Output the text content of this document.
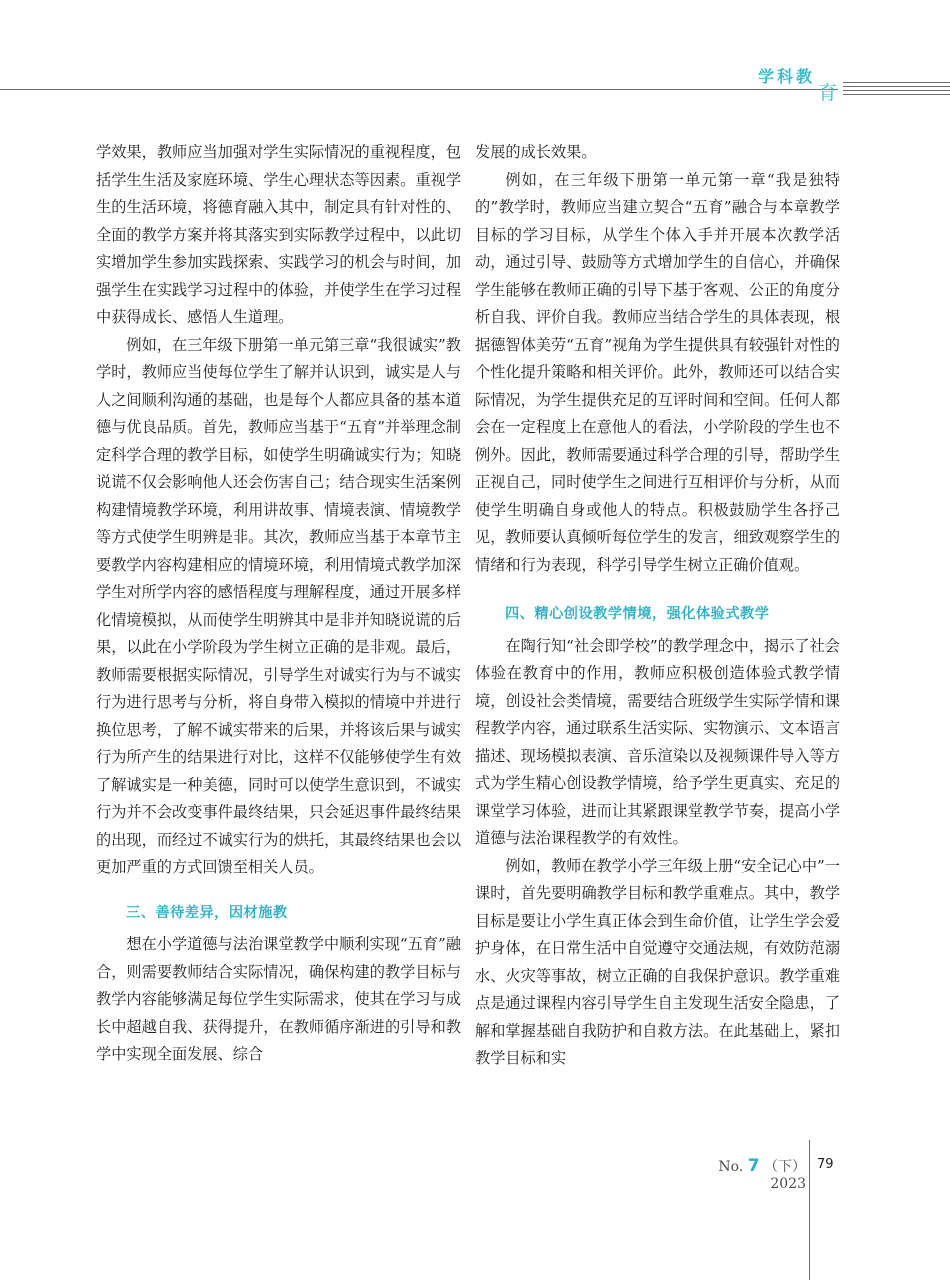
学科教
育

学效果，教师应当加强对学生实际情况的重视程度，包括学生生活及家庭环境、学生心理状态等因素。重视学生的生活环境，将德育融入其中，制定具有针对性的、全面的教学方案并将其落实到实际教学过程中，以此切实增加学生参加实践探索、实践学习的机会与时间，加强学生在实践学习过程中的体验，并使学生在学习过程中获得成长、感悟人生道理。

例如，在三年级下册第一单元第三章“我很诚实”教学时，教师应当使每位学生了解并认识到，诚实是人与人之间顺利沟通的基础，也是每个人都应具备的基本道德与优良品质。首先，教师应当基于“五育”并举理念制定科学合理的教学目标，如使学生明确诚实行为；知晓说谎不仅会影响他人还会伤害自己；结合现实生活案例构建情境教学环境，利用讲故事、情境表演、情境教学等方式使学生明辨是非。其次，教师应当基于本章节主要教学内容构建相应的情境环境，利用情境式教学加深学生对所学内容的感悟程度与理解程度，通过开展多样化情境模拟，从而使学生明辨其中是非并知晓说谎的后果，以此在小学阶段为学生树立正确的是非观。最后，教师需要根据实际情况，引导学生对诚实行为与不诚实行为进行思考与分析，将自身带入模拟的情境中并进行换位思考，了解不诚实带来的后果，并将该后果与诚实行为所产生的结果进行对比，这样不仅能够使学生有效了解诚实是一种美德，同时可以使学生意识到，不诚实行为并不会改变事件最终结果，只会延迟事件最终结果的出现，而经过不诚实行为的烘托，其最终结果也会以更加严重的方式回馈至相关人员。

三、善待差异，因材施教

想在小学道德与法治课堂教学中顺利实现“五育”融合，则需要教师结合实际情况，确保构建的教学目标与教学内容能够满足每位学生实际需求，使其在学习与成长中超越自我、获得提升，在教师循序渐进的引导和教学中实现全面发展、综合

发展的成长效果。

例如，在三年级下册第一单元第一章“我是独特的”教学时，教师应当建立契合“五育”融合与本章教学目标的学习目标，从学生个体入手并开展本次教学活动，通过引导、鼓励等方式增加学生的自信心，并确保学生能够在教师正确的引导下基于客观、公正的角度分析自我、评价自我。教师应当结合学生的具体表现，根据德智体美劳“五育”视角为学生提供具有较强针对性的个性化提升策略和相关评价。此外，教师还可以结合实际情况，为学生提供充足的互评时间和空间。任何人都会在一定程度上在意他人的看法，小学阶段的学生也不例外。因此，教师需要通过科学合理的引导，帮助学生正视自己，同时使学生之间进行互相评价与分析，从而使学生明确自身或他人的特点。积极鼓励学生各抒己见，教师要认真倾听每位学生的发言，细致观察学生的情绪和行为表现，科学引导学生树立正确价值观。

四、精心创设教学情境，强化体验式教学

在陶行知“社会即学校”的教学理念中，揭示了社会体验在教育中的作用，教师应积极创造体验式教学情境，创设社会类情境，需要结合班级学生实际学情和课程教学内容，通过联系生活实际、实物演示、文本语言描述、现场模拟表演、音乐渲染以及视频课件导入等方式为学生精心创设教学情境，给予学生更真实、充足的课堂学习体验，进而让其紧跟课堂教学节奏，提高小学道德与法治课程教学的有效性。

例如，教师在教学小学三年级上册“安全记心中”一课时，首先要明确教学目标和教学重难点。其中，教学目标是要让小学生真正体会到生命价值，让学生学会爱护身体，在日常生活中自觉遵守交通法规，有效防范溺水、火灾等事故，树立正确的自我保护意识。教学重难点是通过课程内容引导学生自主发现生活安全隐患，了解和掌握基础自我防护和自救方法。在此基础上，紧扣教学目标和实

No. 7 （下）2023
79
